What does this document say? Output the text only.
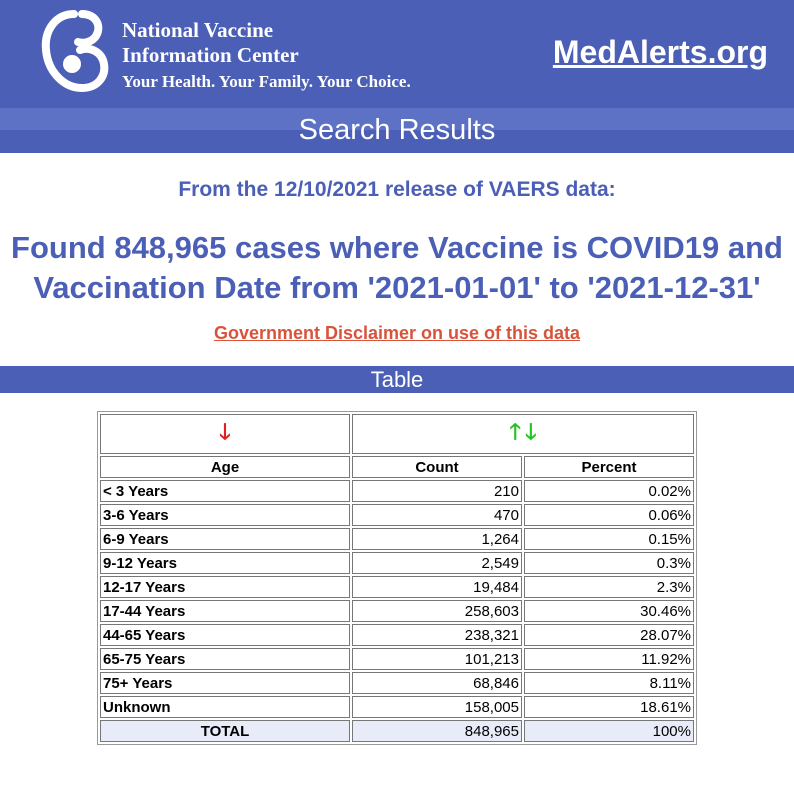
National Vaccine
Information Center
Your Health. Your Family. Your Choice.
MedAlerts.org
Search Results
From the 12/10/2021 release of VAERS data:
Found 848,965 cases where Vaccine is COVID19 and
Vaccination Date from '2021-01-01' to '2021-12-31'
Government Disclaimer on use of this data
Table
🡓	🡑 🡓	
Age	Count	Percent
< 3 Years	210	0.02%
3-6 Years	470	0.06%
6-9 Years	1,264	0.15%
9-12 Years	2,549	0.3%
12-17 Years	19,484	2.3%
17-44 Years	258,603	30.46%
44-65 Years	238,321	28.07%
65-75 Years	101,213	11.92%
75+ Years	68,846	8.11%
Unknown	158,005	18.61%
TOTAL	848,965	100%
